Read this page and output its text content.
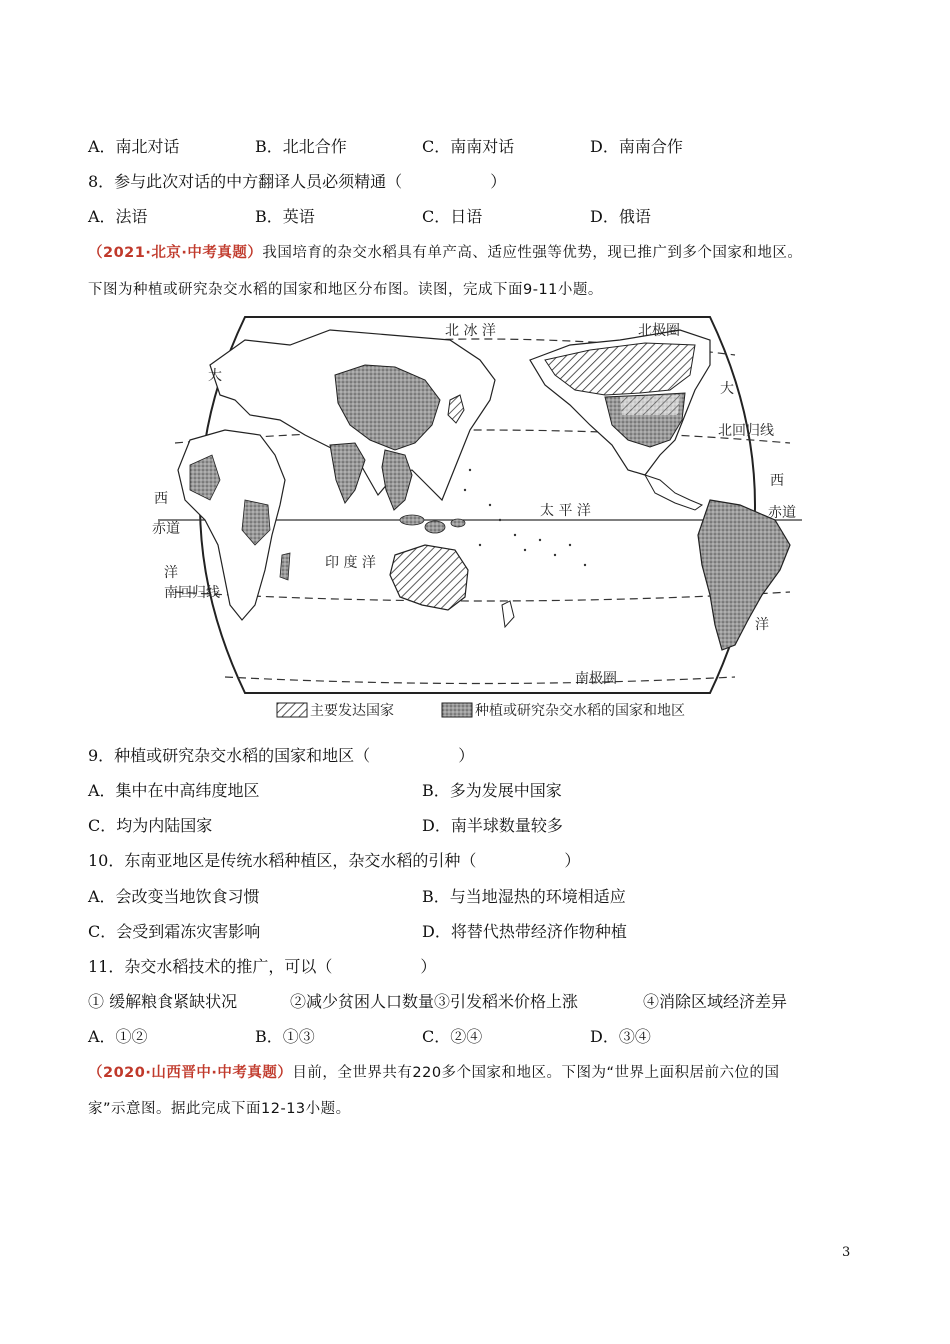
A．南北对话	B．北北合作	C．南南对话	D．南南合作
8．参与此次对话的中方翻译人员必须精通（	）
A．法语	B．英语	C．日语	D．俄语
（2021·北京·中考真题）我国培育的杂交水稻具有单产高、适应性强等优势，现已推广到多个国家和地区。
下图为种植或研究杂交水稻的国家和地区分布图。读图，完成下面9-11小题。
北 冰 洋	北极圈
大
大
北回归线
西
西
赤道
赤道
太 平 洋
印 度 洋
洋
南回归线
洋
南极圈
主要发达国家	种植或研究杂交水稻的国家和地区
9．种植或研究杂交水稻的国家和地区（	）
A．集中在中高纬度地区	B．多为发展中国家
C．均为内陆国家	D．南半球数量较多
10．东南亚地区是传统水稻种植区，杂交水稻的引种（	）
A．会改变当地饮食习惯	B．与当地湿热的环境相适应
C．会受到霜冻灾害影响	D．将替代热带经济作物种植
11．杂交水稻技术的推广，可以（	）
① 缓解粮食紧缺状况	②减少贫困人口数量③引发稻米价格上涨	④消除区域经济差异
A．①②	B．①③	C．②④	D．③④
（2020·山西晋中·中考真题）目前，全世界共有220多个国家和地区。下图为“世界上面积居前六位的国
家”示意图。据此完成下面12-13小题。
3
